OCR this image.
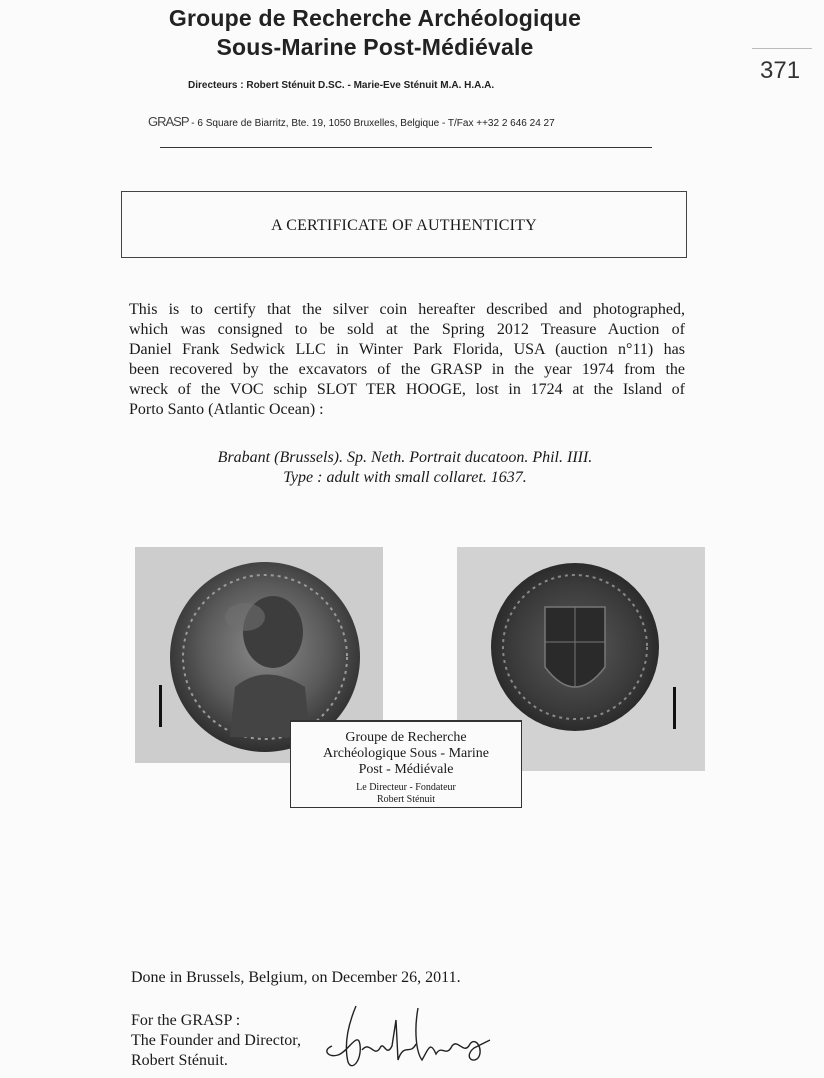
Groupe de Recherche Archéologique
Sous-Marine Post-Médiévale
Directeurs : Robert Sténuit D.SC. - Marie-Eve Sténuit M.A. H.A.A.
GRASP - 6 Square de Biarritz, Bte. 19, 1050 Bruxelles, Belgique - T/Fax ++32 2 646 24 27
371
A CERTIFICATE OF AUTHENTICITY
This is to certify that the silver coin hereafter described and photographed,
which was consigned to be sold at the Spring 2012 Treasure Auction of
Daniel Frank Sedwick LLC in Winter Park Florida, USA (auction n°11) has
been recovered by the excavators of the GRASP in the year 1974 from the
wreck of the VOC schip SLOT TER HOOGE, lost in 1724 at the Island of
Porto Santo (Atlantic Ocean) :
Brabant (Brussels). Sp. Neth. Portrait ducatoon. Phil. IIII.
Type : adult with small collaret. 1637.
Groupe de Recherche
Archéologique Sous - Marine
Post - Médiévale
Le Directeur - Fondateur
Robert Sténuit
Done in Brussels, Belgium, on December 26, 2011.
For the GRASP :
The Founder and Director,
Robert Sténuit.
